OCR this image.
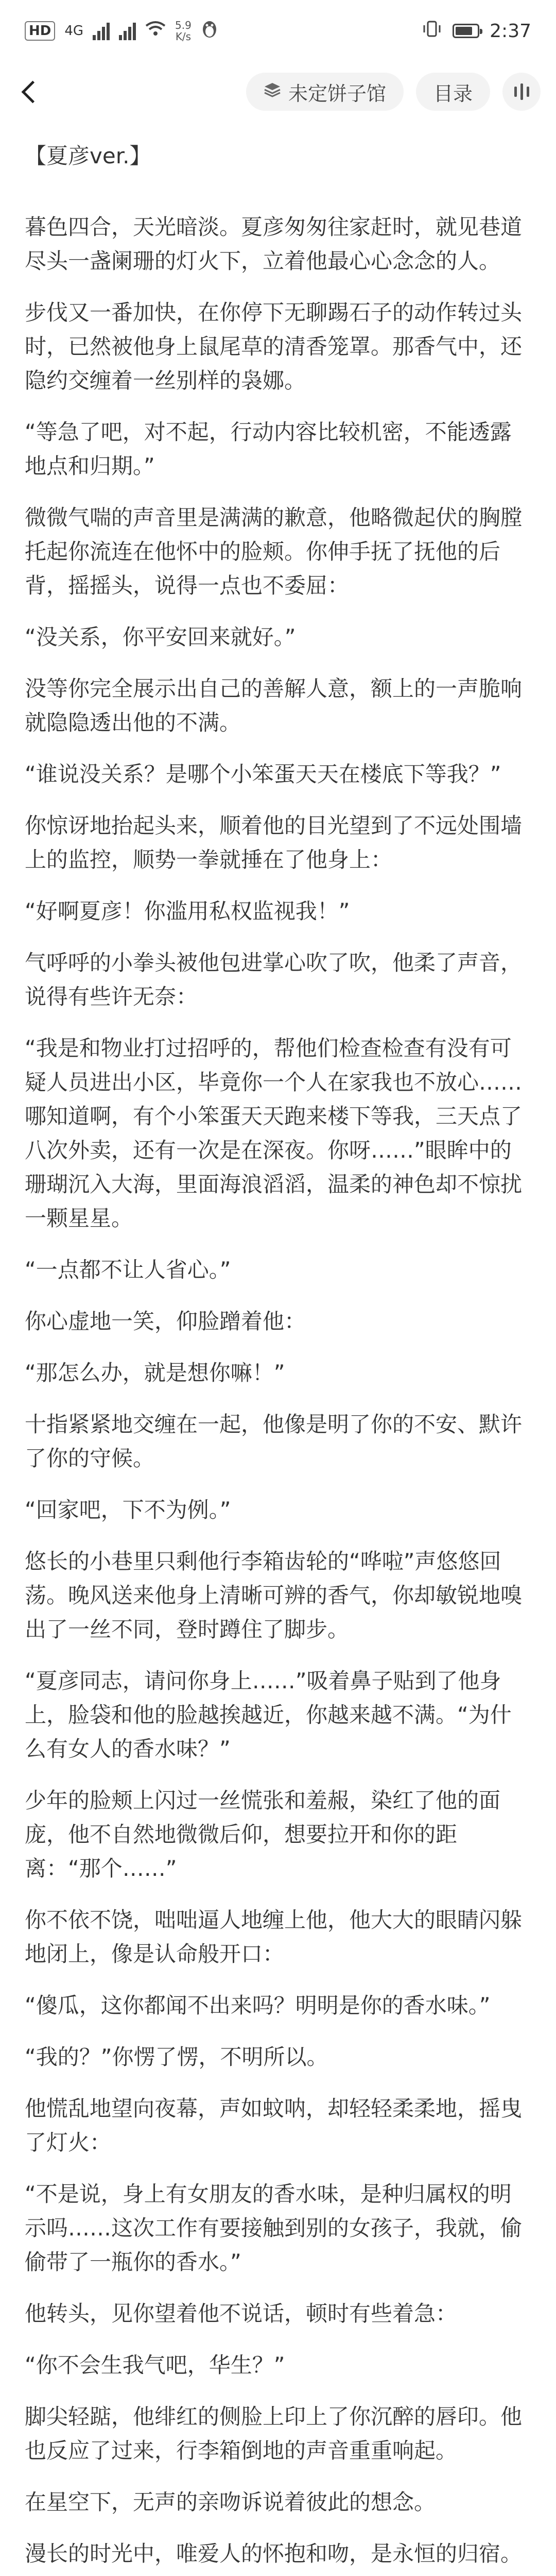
HD	4G	5.9
K/s	2:37
未定饼子馆 目录

【夏彦ver.】

暮色四合，天光暗淡。夏彦匆匆往家赶时，就见巷道尽头一盏阑珊的灯火下，立着他最心心念念的人。

步伐又一番加快，在你停下无聊踢石子的动作转过头时，已然被他身上鼠尾草的清香笼罩。那香气中，还隐约交缠着一丝别样的袅娜。

“等急了吧，对不起，行动内容比较机密，不能透露地点和归期。”

微微气喘的声音里是满满的歉意，他略微起伏的胸膛托起你流连在他怀中的脸颊。你伸手抚了抚他的后背，摇摇头，说得一点也不委屈：

“没关系，你平安回来就好。”

没等你完全展示出自己的善解人意，额上的一声脆响就隐隐透出他的不满。

“谁说没关系？是哪个小笨蛋天天在楼底下等我？”

你惊讶地抬起头来，顺着他的目光望到了不远处围墙上的监控，顺势一拳就捶在了他身上：

“好啊夏彦！你滥用私权监视我！”

气呼呼的小拳头被他包进掌心吹了吹，他柔了声音，说得有些许无奈：

“我是和物业打过招呼的，帮他们检查检查有没有可疑人员进出小区，毕竟你一个人在家我也不放心……哪知道啊，有个小笨蛋天天跑来楼下等我，三天点了八次外卖，还有一次是在深夜。你呀……”眼眸中的珊瑚沉入大海，里面海浪滔滔，温柔的神色却不惊扰一颗星星。

“一点都不让人省心。”

你心虚地一笑，仰脸蹭着他：

“那怎么办，就是想你嘛！”

十指紧紧地交缠在一起，他像是明了你的不安、默许了你的守候。

“回家吧，下不为例。”

悠长的小巷里只剩他行李箱齿轮的“哗啦”声悠悠回荡。晚风送来他身上清晰可辨的香气，你却敏锐地嗅出了一丝不同，登时蹲住了脚步。

“夏彦同志，请问你身上……”吸着鼻子贴到了他身上，脸袋和他的脸越挨越近，你越来越不满。“为什么有女人的香水味？”

少年的脸颊上闪过一丝慌张和羞赧，染红了他的面庞，他不自然地微微后仰，想要拉开和你的距离：“那个……”

你不依不饶，咄咄逼人地缠上他，他大大的眼睛闪躲地闭上，像是认命般开口：

“傻瓜，这你都闻不出来吗？明明是你的香水味。”

“我的？”你愣了愣，不明所以。

他慌乱地望向夜幕，声如蚊呐，却轻轻柔柔地，摇曳了灯火：

“不是说，身上有女朋友的香水味，是种归属权的明示吗……这次工作有要接触到别的女孩子，我就，偷偷带了一瓶你的香水。”

他转头，见你望着他不说话，顿时有些着急：

“你不会生我气吧，华生？”

脚尖轻踮，他绯红的侧脸上印上了你沉醉的唇印。他也反应了过来，行李箱倒地的声音重重响起。

在星空下，无声的亲吻诉说着彼此的想念。

漫长的时光中，唯爱人的怀抱和吻，是永恒的归宿。
